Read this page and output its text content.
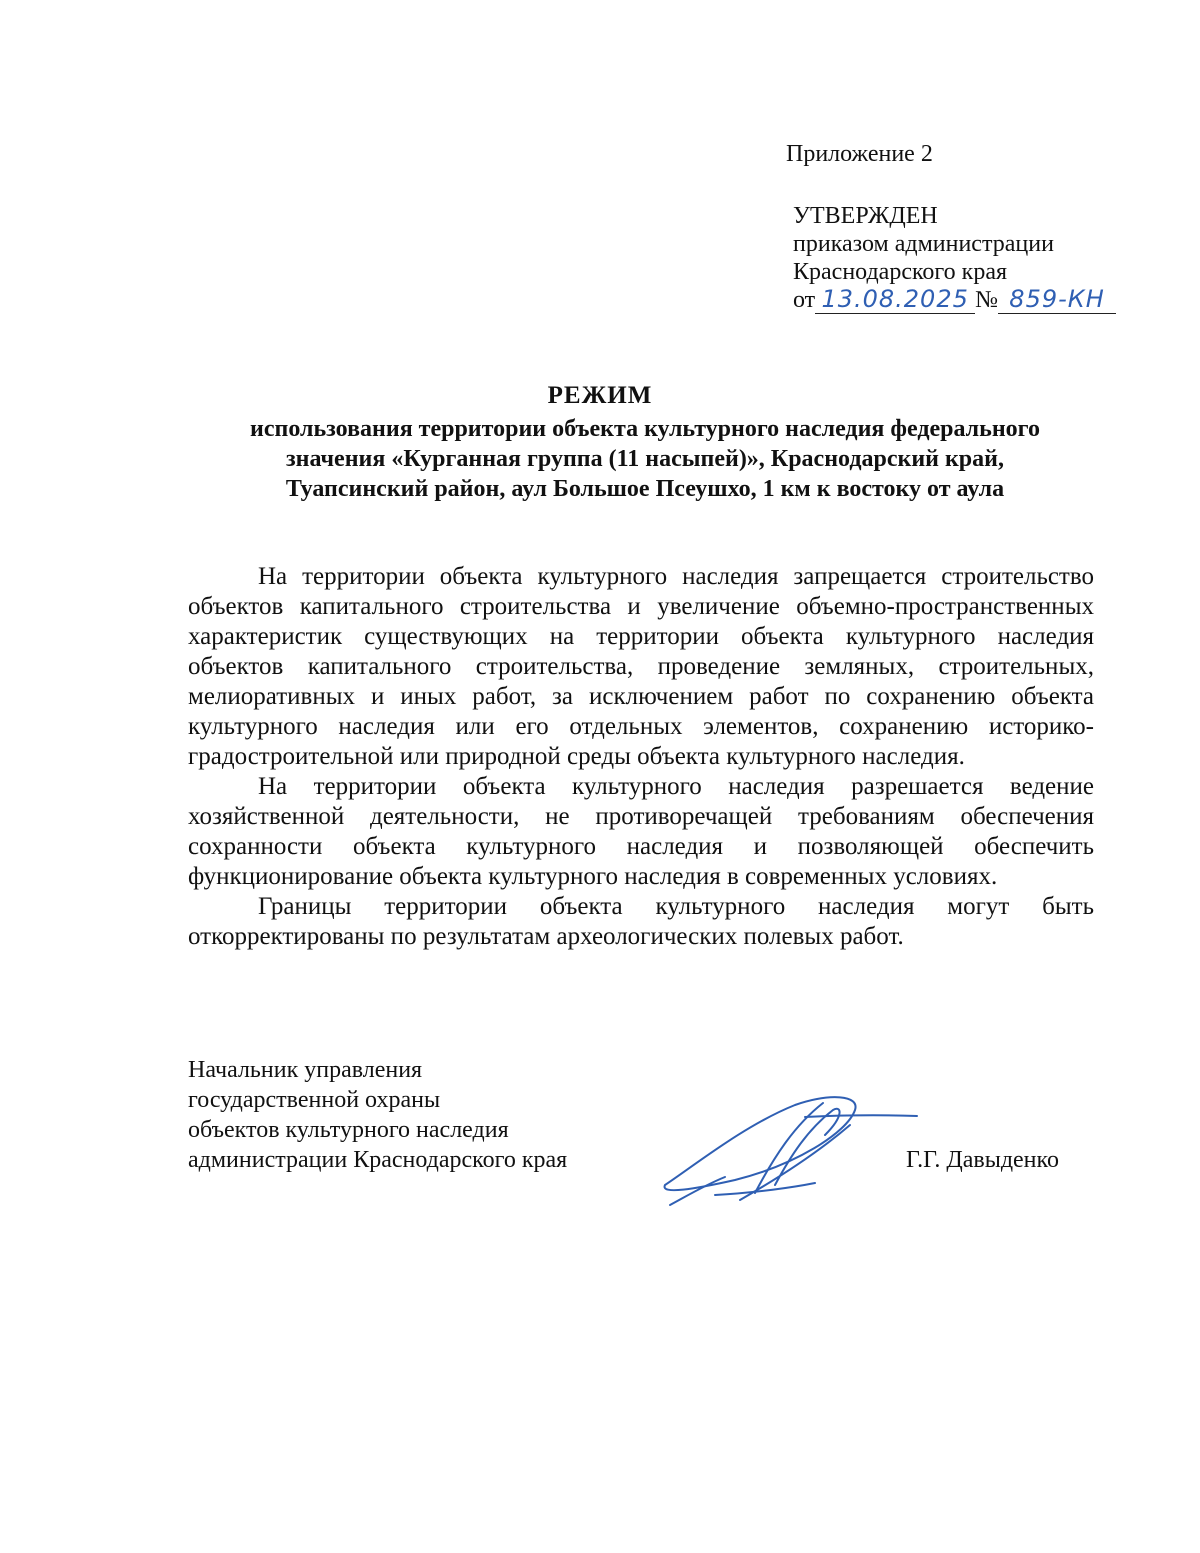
Приложение 2
УТВЕРЖДЕН
приказом администрации
Краснодарского края
от 13.08.2025 № 859-КН
РЕЖИМ
использования территории объекта культурного наследия федерального
значения «Курганная группа (11 насыпей)», Краснодарский край,
Туапсинский район, аул Большое Псеушхо, 1 км к востоку от аула

На территории объекта культурного наследия запрещается строительство объектов капитального строительства и увеличение объемно-пространственных характеристик существующих на территории объекта культурного наследия объектов капитального строительства, проведение земляных, строительных, мелиоративных и иных работ, за исключением работ по сохранению объекта культурного наследия или его отдельных элементов, сохранению историко-градостроительной или природной среды объекта культурного наследия.

На территории объекта культурного наследия разрешается ведение хозяйственной деятельности, не противоречащей требованиям обеспечения сохранности объекта культурного наследия и позволяющей обеспечить функционирование объекта культурного наследия в современных условиях.

Границы территории объекта культурного наследия могут быть откорректированы по результатам археологических полевых работ.

Начальник управления
государственной охраны
объектов культурного наследия
администрации Краснодарского края	Г.Г. Давыденко
